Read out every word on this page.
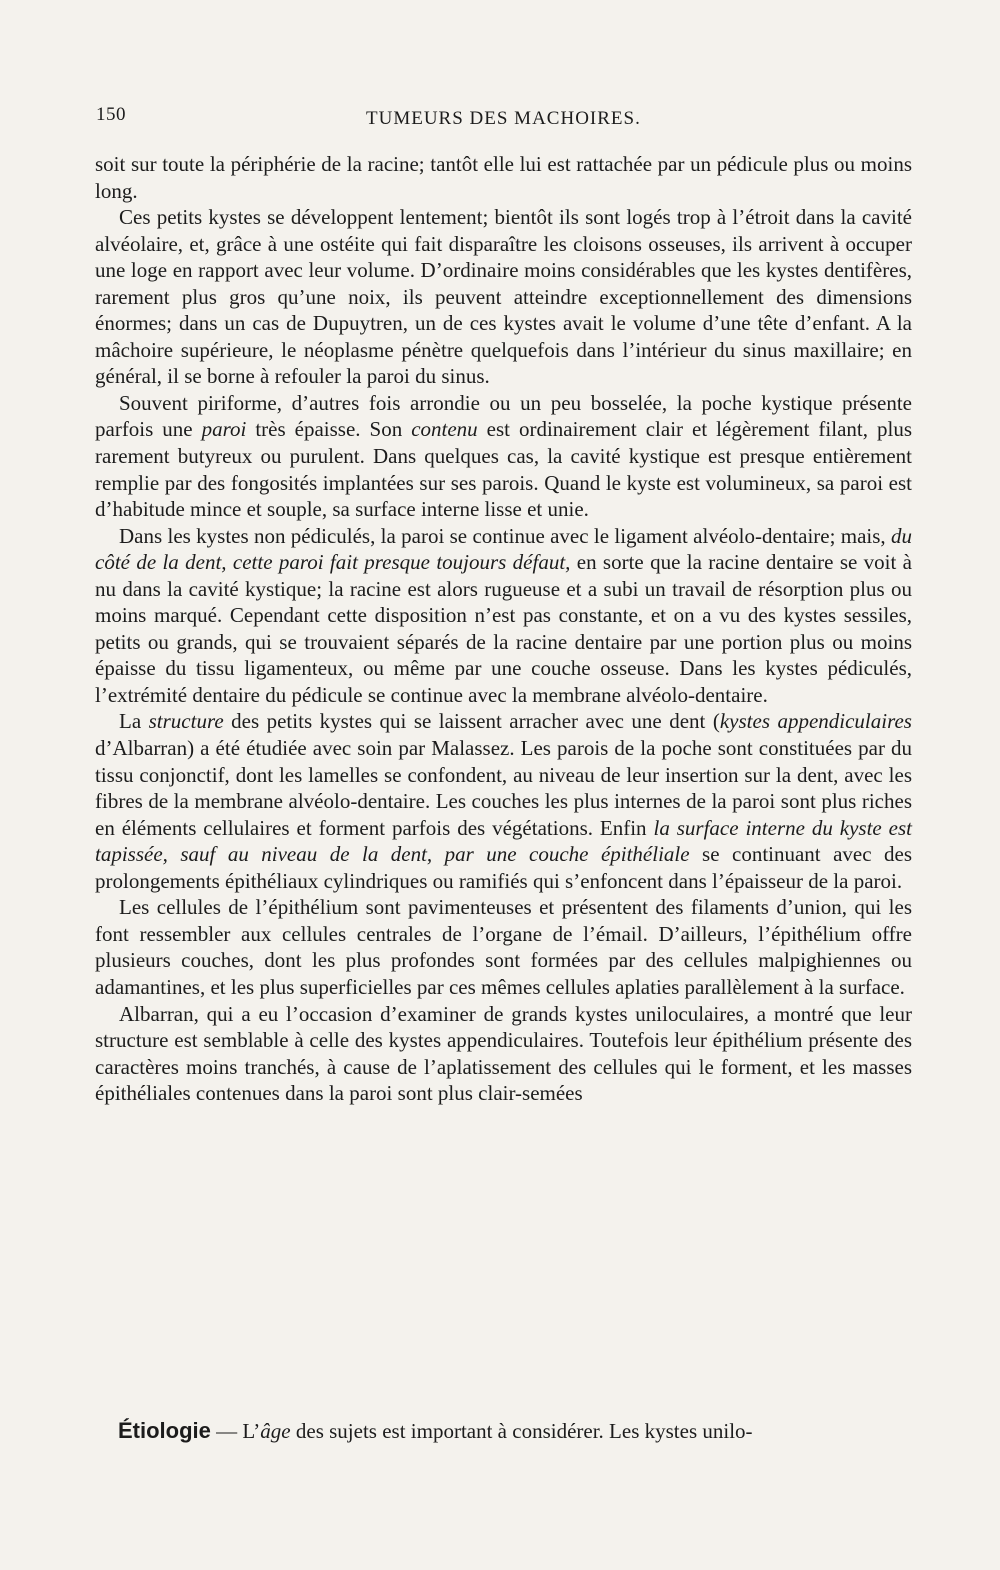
150	TUMEURS DES MACHOIRES.

soit sur toute la périphérie de la racine; tantôt elle lui est rattachée par un pédicule plus ou moins long.

Ces petits kystes se développent lentement; bientôt ils sont logés trop à l’étroit dans la cavité alvéolaire, et, grâce à une ostéite qui fait disparaître les cloisons osseuses, ils arrivent à occuper une loge en rapport avec leur volume. D’ordinaire moins considérables que les kystes dentifères, rarement plus gros qu’une noix, ils peuvent atteindre exceptionnellement des dimensions énormes; dans un cas de Dupuytren, un de ces kystes avait le volume d’une tête d’enfant. A la mâchoire supérieure, le néoplasme pénètre quelquefois dans l’intérieur du sinus maxillaire; en général, il se borne à refouler la paroi du sinus.

Souvent piriforme, d’autres fois arrondie ou un peu bosselée, la poche kystique présente parfois une paroi très épaisse. Son contenu est ordinairement clair et légèrement filant, plus rarement butyreux ou purulent. Dans quelques cas, la cavité kystique est presque entièrement remplie par des fongosités implantées sur ses parois. Quand le kyste est volumineux, sa paroi est d’habitude mince et souple, sa surface interne lisse et unie.

Dans les kystes non pédiculés, la paroi se continue avec le ligament alvéolo-dentaire; mais, du côté de la dent, cette paroi fait presque toujours défaut, en sorte que la racine dentaire se voit à nu dans la cavité kystique; la racine est alors rugueuse et a subi un travail de résorption plus ou moins marqué. Cependant cette disposition n’est pas constante, et on a vu des kystes sessiles, petits ou grands, qui se trouvaient séparés de la racine dentaire par une portion plus ou moins épaisse du tissu ligamenteux, ou même par une couche osseuse. Dans les kystes pédiculés, l’extrémité dentaire du pédicule se continue avec la membrane alvéolo-dentaire.

La structure des petits kystes qui se laissent arracher avec une dent (kystes appendiculaires d’Albarran) a été étudiée avec soin par Malassez. Les parois de la poche sont constituées par du tissu conjonctif, dont les lamelles se confondent, au niveau de leur insertion sur la dent, avec les fibres de la membrane alvéolo-dentaire. Les couches les plus internes de la paroi sont plus riches en éléments cellulaires et forment parfois des végétations. Enfin la surface interne du kyste est tapissée, sauf au niveau de la dent, par une couche épithéliale se continuant avec des prolongements épithéliaux cylindriques ou ramifiés qui s’enfoncent dans l’épaisseur de la paroi.

Les cellules de l’épithélium sont pavimenteuses et présentent des filaments d’union, qui les font ressembler aux cellules centrales de l’organe de l’émail. D’ailleurs, l’épithélium offre plusieurs couches, dont les plus profondes sont formées par des cellules malpighiennes ou adamantines, et les plus superficielles par ces mêmes cellules aplaties parallèlement à la surface.

Albarran, qui a eu l’occasion d’examiner de grands kystes uniloculaires, a montré que leur structure est semblable à celle des kystes appendiculaires. Toutefois leur épithélium présente des caractères moins tranchés, à cause de l’aplatissement des cellules qui le forment, et les masses épithéliales contenues dans la paroi sont plus clair-semées

Étiologie — L’âge des sujets est important à considérer. Les kystes unilo-
